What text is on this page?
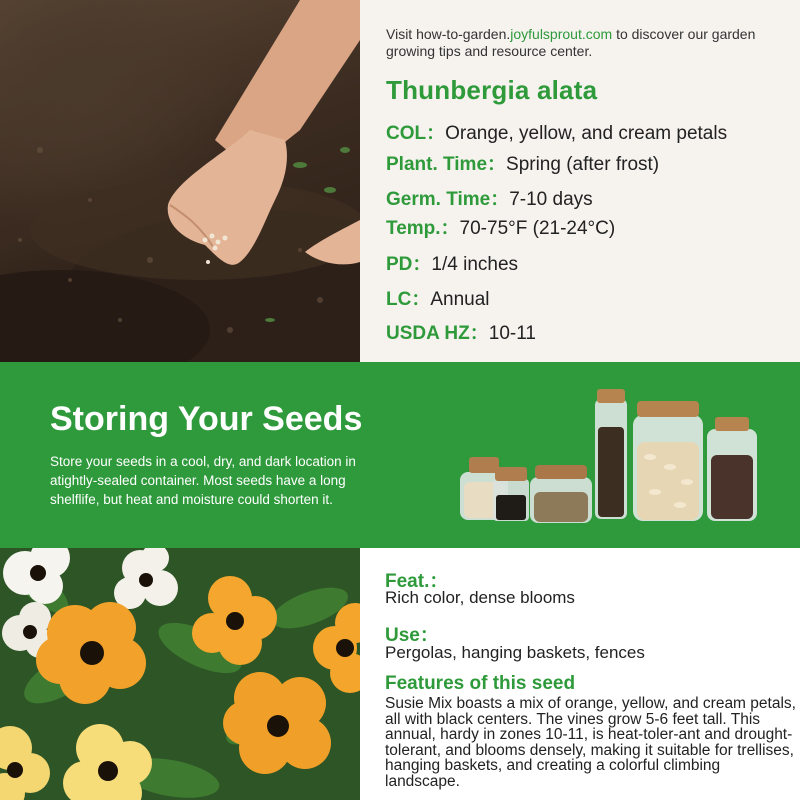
Visit how-to-garden.joyfulsprout.com to discover our garden growing tips and resource center.
Thunbergia alata
COL：Orange, yellow, and cream petals
Plant. Time：Spring (after frost)
Germ. Time：7-10 days
Temp.：70-75°F (21-24°C)
PD：1/4 inches
LC：Annual
USDA HZ：10-11
Storing Your Seeds
Store your seeds in a cool, dry, and dark location in atightly-sealed container. Most seeds have a long shelflife, but heat and moisture could shorten it.
Feat.：
Rich color, dense blooms
Use：
Pergolas, hanging baskets, fences
Features of this seed
Susie Mix boasts a mix of orange, yellow, and cream petals, all with black centers. The vines grow 5-6 feet tall. This annual, hardy in zones 10-11, is heat-toler-ant and drought-tolerant, and blooms densely, making it suitable for trellises, hanging baskets, and creating a colorful climbing landscape.
